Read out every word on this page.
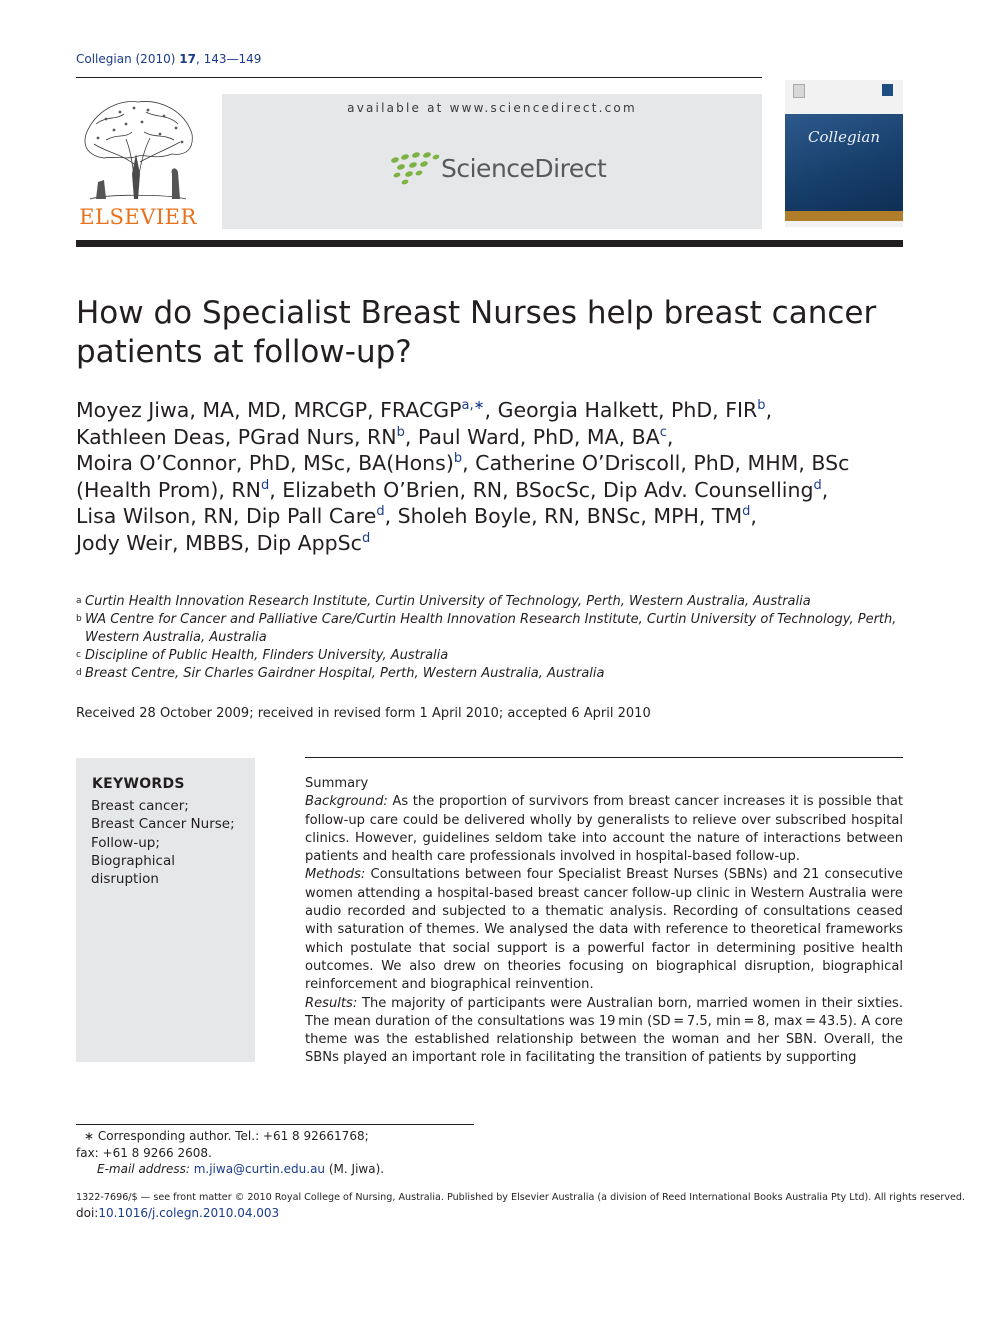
Collegian (2010) 17, 143—149
ELSEVIER
available at www.sciencedirect.com
ScienceDirect
Collegian
How do Specialist Breast Nurses help breast cancer patients at follow-up?
Moyez Jiwa, MA, MD, MRCGP, $FRACGP^{a,∗}$, Georgia Halkett, PhD, FIR$^b$,
Kathleen Deas, PGrad Nurs, $RN^b$, Paul Ward, PhD, MA, $BA^c$,
Moira O’Connor, PhD, MSc, BA(Hons)$^b$, Catherine O’Driscoll, PhD, MHM, BSc (Health Prom), $RN^d$, Elizabeth O’Brien, RN, BSocSc, Dip Adv. Counselling$^d$,
Lisa Wilson, RN, Dip Pall Care$^d$, Sholeh Boyle, RN, BNSc, MPH, $TM^d$,
Jody Weir, MBBS, Dip AppSc$^d$
a Curtin Health Innovation Research Institute, Curtin University of Technology, Perth, Western Australia, Australia
b WA Centre for Cancer and Palliative Care/Curtin Health Innovation Research Institute, Curtin University of Technology, Perth, Western Australia, Australia
c Discipline of Public Health, Flinders University, Australia
d Breast Centre, Sir Charles Gairdner Hospital, Perth, Western Australia, Australia
Received 28 October 2009; received in revised form 1 April 2010; accepted 6 April 2010
KEYWORDS
Breast cancer;
Breast Cancer Nurse;
Follow-up;
Biographical
disruption
Summary

Background: As the proportion of survivors from breast cancer increases it is possible that follow-up care could be delivered wholly by generalists to relieve over subscribed hospital clinics. However, guidelines seldom take into account the nature of interactions between patients and health care professionals involved in hospital-based follow-up.

Methods: Consultations between four Specialist Breast Nurses (SBNs) and 21 consecutive women attending a hospital-based breast cancer follow-up clinic in Western Australia were audio recorded and subjected to a thematic analysis. Recording of consultations ceased with saturation of themes. We analysed the data with reference to theoretical frameworks which postulate that social support is a powerful factor in determining positive health outcomes. We also drew on theories focusing on biographical disruption, biographical reinforcement and biographical reinvention.

Results: The majority of participants were Australian born, married women in their sixties. The mean duration of the consultations was 19 min (SD = 7.5, min = 8, max = 43.5). A core theme was the established relationship between the woman and her SBN. Overall, the SBNs played an important role in facilitating the transition of patients by supporting

∗ Corresponding author. Tel.: +61 8 92661768;
fax: +61 8 9266 2608.
E-mail address: m.jiwa@curtin.edu.au (M. Jiwa).
1322-7696/$ — see front matter © 2010 Royal College of Nursing, Australia. Published by Elsevier Australia (a division of Reed International Books Australia Pty Ltd). All rights reserved.
doi:10.1016/j.colegn.2010.04.003
